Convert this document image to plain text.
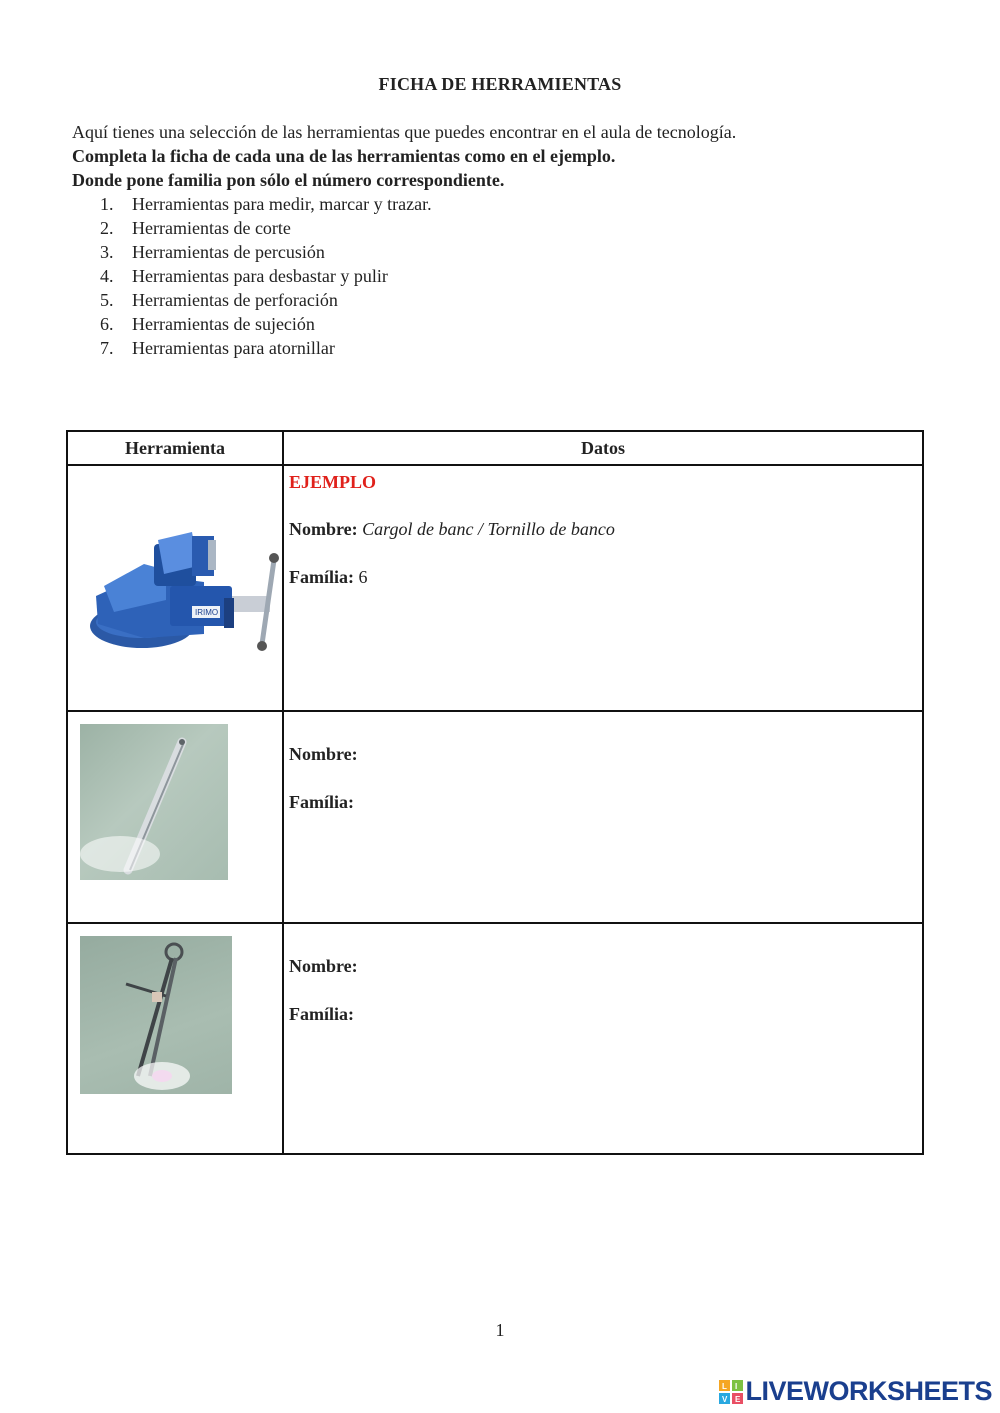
FICHA DE HERRAMIENTAS

Aquí tienes una selección de las herramientas que puedes encontrar en el aula de tecnología.

Completa la ficha de cada una de las herramientas como en el ejemplo.

Donde pone familia pon sólo el número correspondiente.

1.	Herramientas para medir, marcar y trazar.
2.	Herramientas de corte
3.	Herramientas de percusión
4.	Herramientas para desbastar y pulir
5.	Herramientas de perforación
6.	Herramientas de sujeción
7.	Herramientas para atornillar
Herramienta	Datos

IRIMO	EJEMPLO
Nombre: Cargol de banc / Tornillo de banco
Família: 6

Nombre:
Família:

Nombre:
Família:
1
L I
V E LIVEWORKSHEETS
